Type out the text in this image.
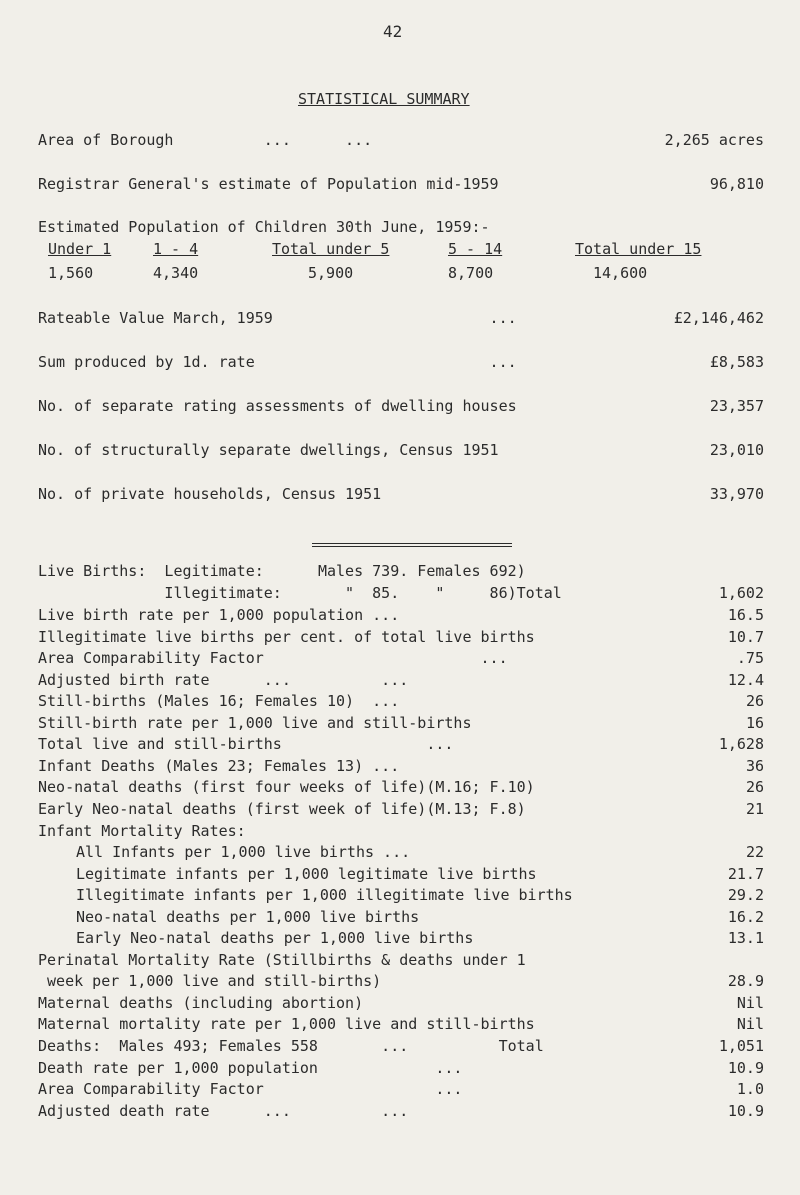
42
STATISTICAL SUMMARY
Area of Borough          ...      ...	2,265 acres
Registrar General's estimate of Population mid-1959	96,810
Estimated Population of Children 30th June, 1959:-
Under 1	1 - 4	Total under 5	5 - 14	Total under 15
1,560	4,340	5,900	8,700	14,600
Rateable Value March, 1959                        ...	£2,146,462
Sum produced by 1d. rate                          ...	£8,583
No. of separate rating assessments of dwelling houses	23,357
No. of structurally separate dwellings, Census 1951	23,010
No. of private households, Census 1951	33,970
Live Births:  Legitimate:      Males 739. Females 692)
Illegitimate:       "  85.    "     86)Total	1,602
Live birth rate per 1,000 population ...	16.5
Illegitimate live births per cent. of total live births	10.7
Area Comparability Factor                        ...	.75
Adjusted birth rate      ...          ...	12.4
Still-births (Males 16; Females 10)  ...	26
Still-birth rate per 1,000 live and still-births	16
Total live and still-births                ...	1,628
Infant Deaths (Males 23; Females 13) ...	36
Neo-natal deaths (first four weeks of life)(M.16; F.10)	26
Early Neo-natal deaths (first week of life)(M.13; F.8)	21
Infant Mortality Rates:
All Infants per 1,000 live births ...	22
Legitimate infants per 1,000 legitimate live births	21.7
Illegitimate infants per 1,000 illegitimate live births	29.2
Neo-natal deaths per 1,000 live births	16.2
Early Neo-natal deaths per 1,000 live births	13.1
Perinatal Mortality Rate (Stillbirths & deaths under 1
week per 1,000 live and still-births)	28.9
Maternal deaths (including abortion)	Nil
Maternal mortality rate per 1,000 live and still-births	Nil
Deaths:  Males 493; Females 558       ...          Total	1,051
Death rate per 1,000 population             ...	10.9
Area Comparability Factor                   ...	1.0
Adjusted death rate      ...          ...	10.9
